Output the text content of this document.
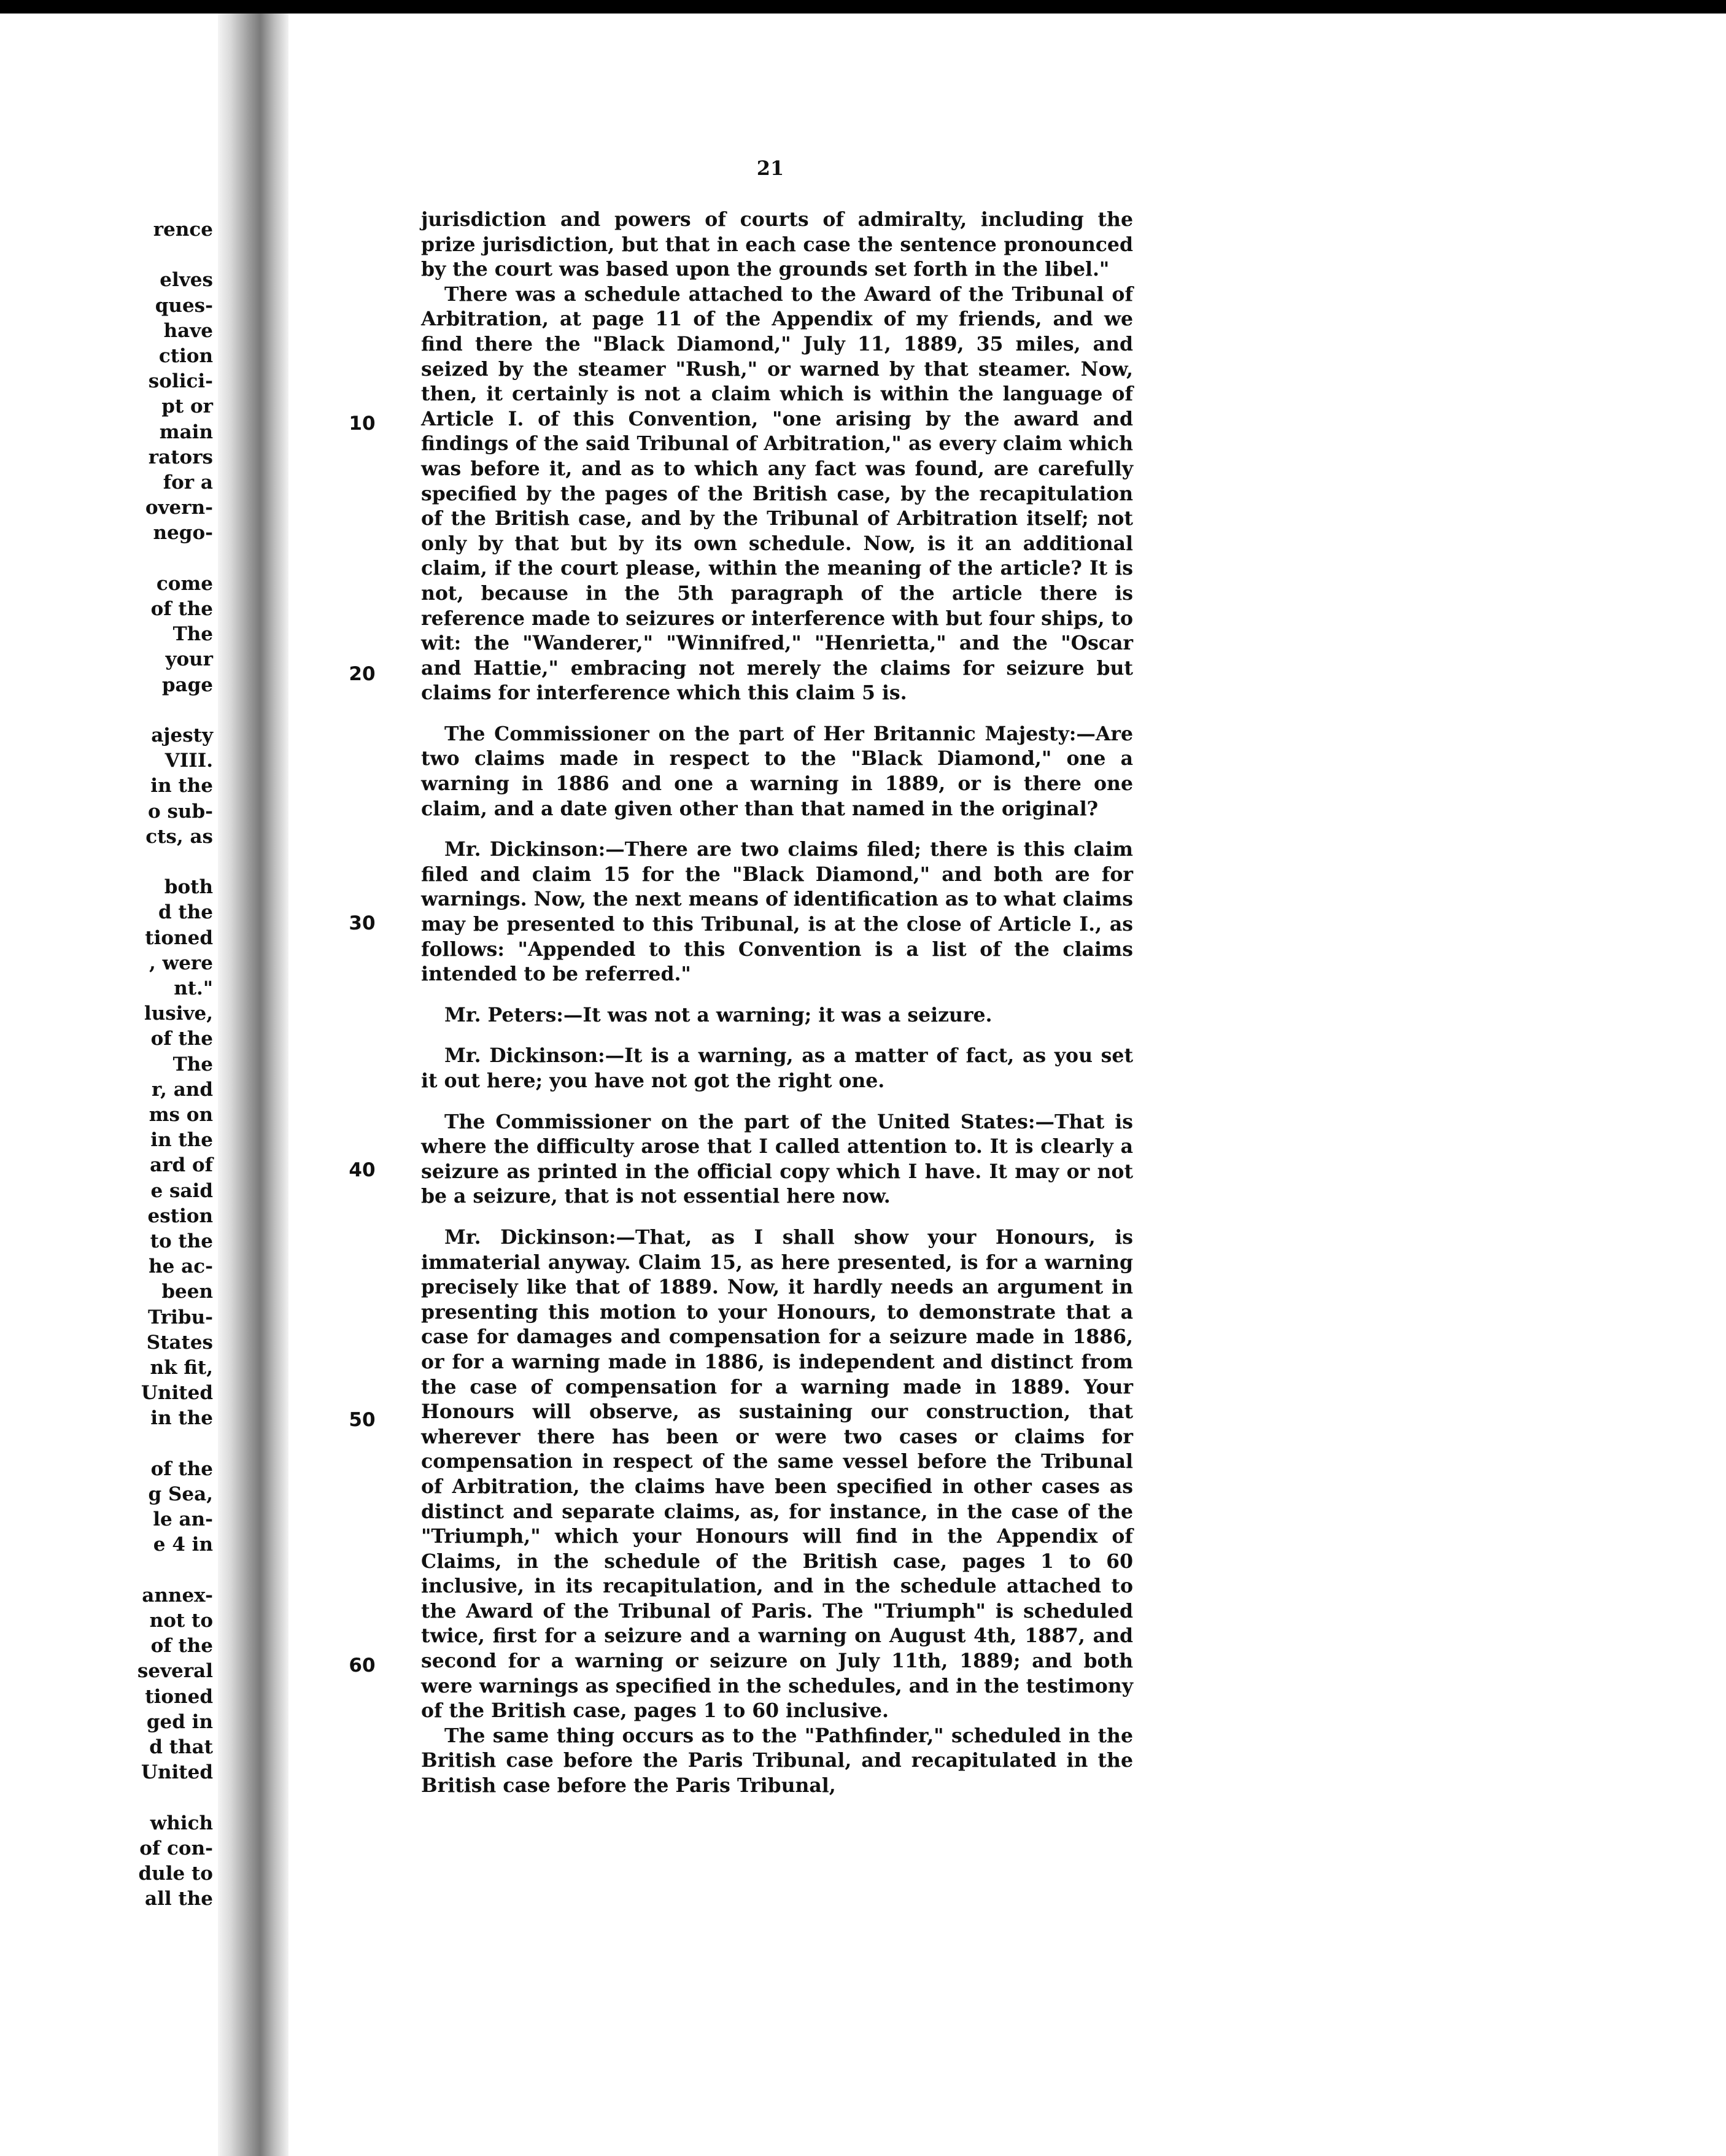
rence
elves
ques-
have
ction
solici-
pt or
main
rators
for a
overn-
nego-
come
of the
The
your
page
ajesty
VIII.
in the
o sub-
cts, as
both
d the
tioned
, were
nt."
lusive,
of the
The
r, and
ms on
in the
ard of
e said
estion
to the
he ac-
been
Tribu-
States
nk fit,
United
in the
of the
g Sea,
le an-
e 4 in
annex-
not to
of the
several
tioned
ged in
d that
United
which
of con-
dule to
all the
21
10
20
30
40
50
60

jurisdiction and powers of courts of admiralty, including the prize jurisdiction, but that in each case the sentence pronounced by the court was based upon the grounds set forth in the libel."

There was a schedule attached to the Award of the Tribunal of Arbitration, at page 11 of the Appendix of my friends, and we find there the "Black Diamond," July 11, 1889, 35 miles, and seized by the steamer "Rush," or warned by that steamer. Now, then, it certainly is not a claim which is within the language of Article I. of this Convention, "one arising by the award and findings of the said Tribunal of Arbitration," as every claim which was before it, and as to which any fact was found, are carefully specified by the pages of the British case, by the recapitulation of the British case, and by the Tribunal of Arbitration itself; not only by that but by its own schedule. Now, is it an additional claim, if the court please, within the meaning of the article? It is not, because in the 5th paragraph of the article there is reference made to seizures or interference with but four ships, to wit: the "Wanderer," "Winnifred," "Henrietta," and the "Oscar and Hattie," embracing not merely the claims for seizure but claims for interference which this claim 5 is.

The Commissioner on the part of Her Britannic Majesty:—Are two claims made in respect to the "Black Diamond," one a warning in 1886 and one a warning in 1889, or is there one claim, and a date given other than that named in the original?

Mr. Dickinson:—There are two claims filed; there is this claim filed and claim 15 for the "Black Diamond," and both are for warnings. Now, the next means of identification as to what claims may be presented to this Tribunal, is at the close of Article I., as follows: "Appended to this Convention is a list of the claims intended to be referred."

Mr. Peters:—It was not a warning; it was a seizure.

Mr. Dickinson:—It is a warning, as a matter of fact, as you set it out here; you have not got the right one.

The Commissioner on the part of the United States:—That is where the difficulty arose that I called attention to. It is clearly a seizure as printed in the official copy which I have. It may or not be a seizure, that is not essential here now.

Mr. Dickinson:—That, as I shall show your Honours, is immaterial anyway. Claim 15, as here presented, is for a warning precisely like that of 1889. Now, it hardly needs an argument in presenting this motion to your Honours, to demonstrate that a case for damages and compensation for a seizure made in 1886, or for a warning made in 1886, is independent and distinct from the case of compensation for a warning made in 1889. Your Honours will observe, as sustaining our construction, that wherever there has been or were two cases or claims for compensation in respect of the same vessel before the Tribunal of Arbitration, the claims have been specified in other cases as distinct and separate claims, as, for instance, in the case of the "Triumph," which your Honours will find in the Appendix of Claims, in the schedule of the British case, pages 1 to 60 inclusive, in its recapitulation, and in the schedule attached to the Award of the Tribunal of Paris. The "Triumph" is scheduled twice, first for a seizure and a warning on August 4th, 1887, and second for a warning or seizure on July 11th, 1889; and both were warnings as specified in the schedules, and in the testimony of the British case, pages 1 to 60 inclusive.

The same thing occurs as to the "Pathfinder," scheduled in the British case before the Paris Tribunal, and recapitulated in the British case before the Paris Tribunal,
